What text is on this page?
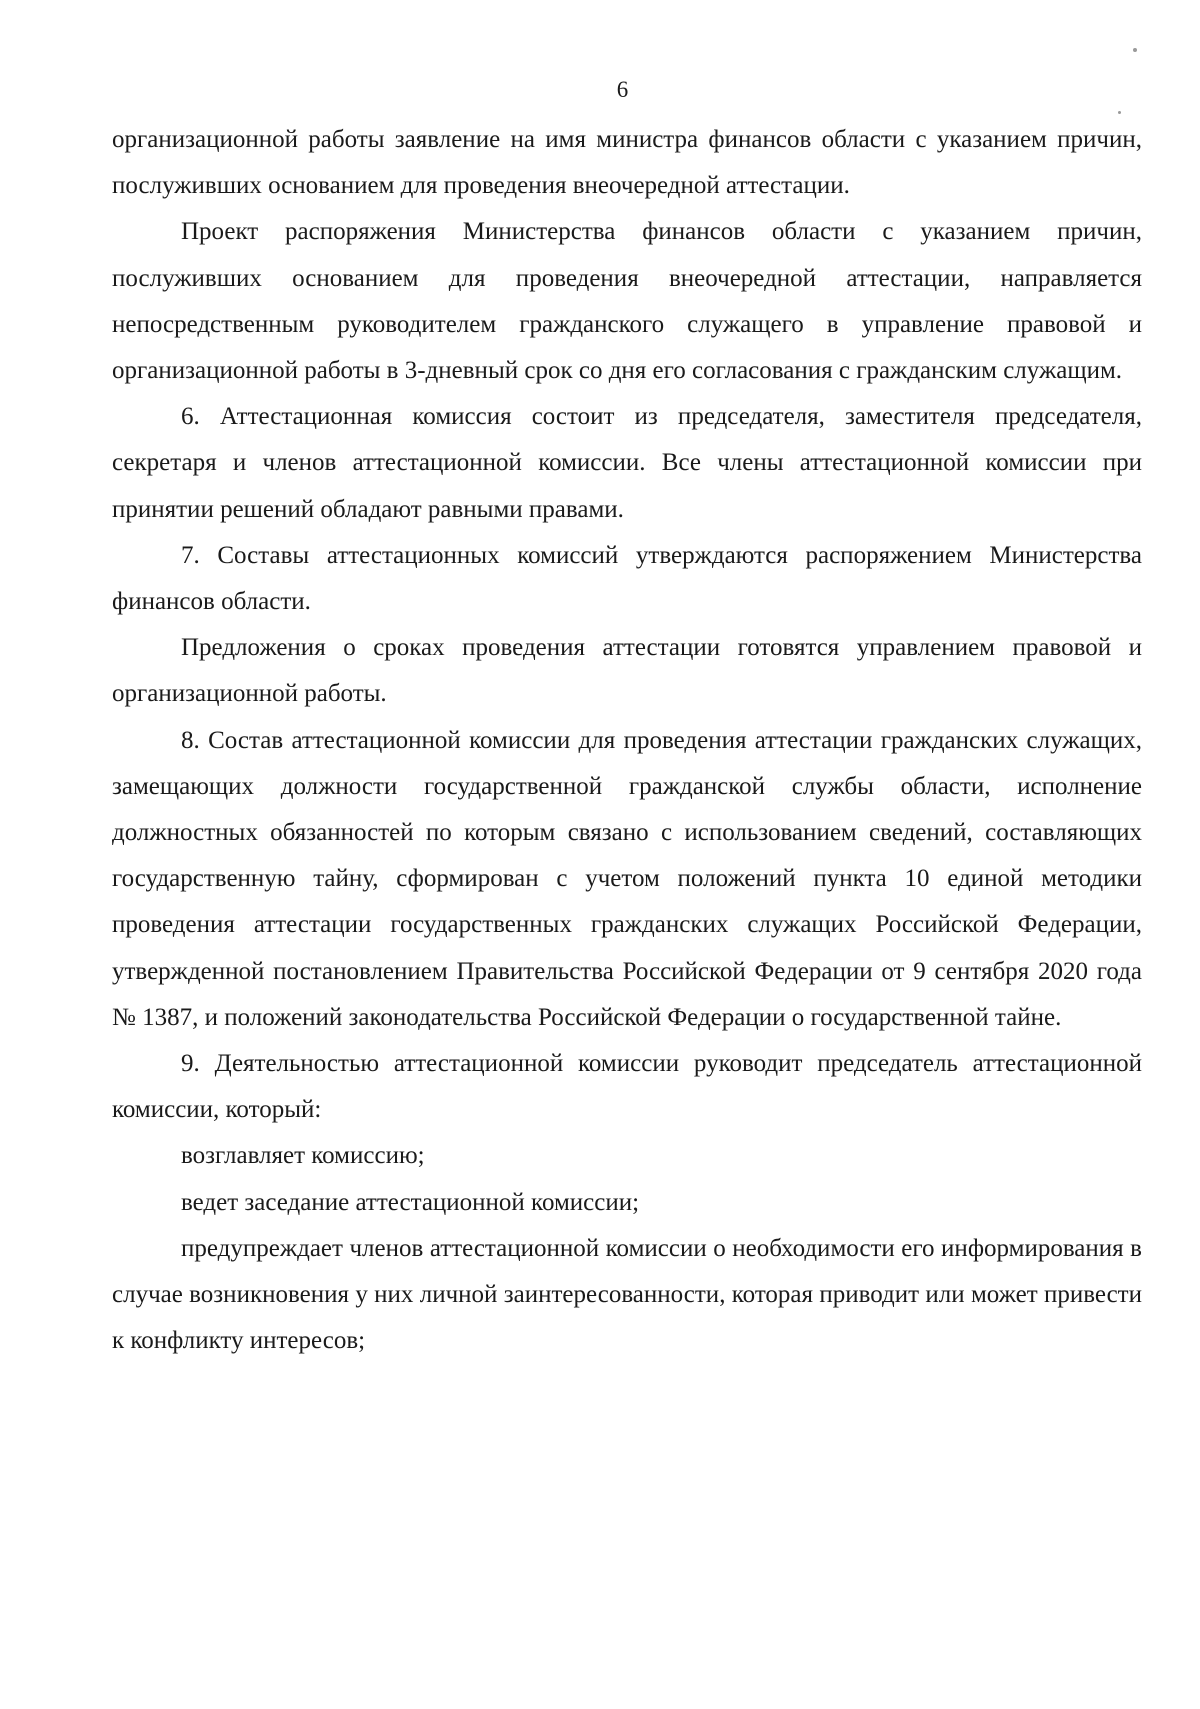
6

организационной работы заявление на имя министра финансов области с указанием причин, послуживших основанием для проведения внеочередной аттестации.

Проект распоряжения Министерства финансов области с указанием причин, послуживших основанием для проведения внеочередной аттестации, направляется непосредственным руководителем гражданского служащего в управление правовой и организационной работы в 3-дневный срок со дня его согласования с гражданским служащим.

6. Аттестационная комиссия состоит из председателя, заместителя председателя, секретаря и членов аттестационной комиссии. Все члены аттестационной комиссии при принятии решений обладают равными правами.

7. Составы аттестационных комиссий утверждаются распоряжением Министерства финансов области.

Предложения о сроках проведения аттестации готовятся управлением правовой и организационной работы.

8. Состав аттестационной комиссии для проведения аттестации гражданских служащих, замещающих должности государственной гражданской службы области, исполнение должностных обязанностей по которым связано с использованием сведений, составляющих государственную тайну, сформирован с учетом положений пункта 10 единой методики проведения аттестации государственных гражданских служащих Российской Федерации, утвержденной постановлением Правительства Российской Федерации от 9 сентября 2020 года № 1387, и положений законодательства Российской Федерации о государственной тайне.

9. Деятельностью аттестационной комиссии руководит председатель аттестационной комиссии, который:

возглавляет комиссию;

ведет заседание аттестационной комиссии;

предупреждает членов аттестационной комиссии о необходимости его информирования в случае возникновения у них личной заинтересованности, которая приводит или может привести к конфликту интересов;
